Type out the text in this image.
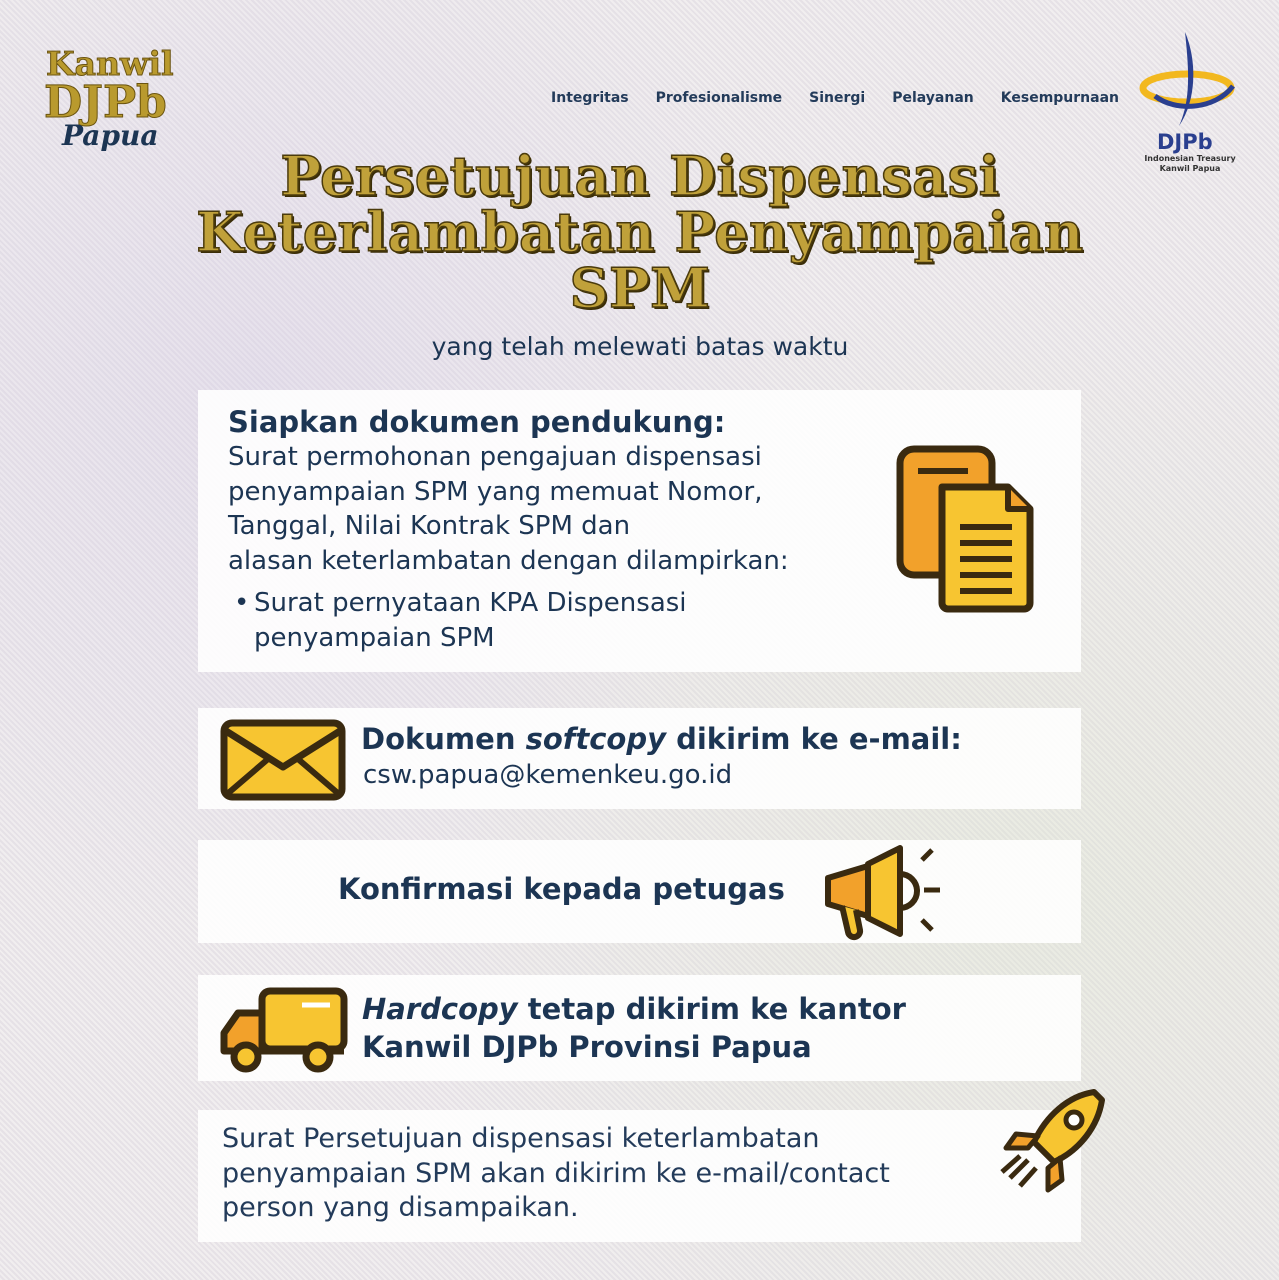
Kanwil
DJPb
Papua
Integritas Profesionalisme Sinergi Pelayanan Kesempurnaan
DJPb
Indonesian Treasury
Kanwil Papua
Persetujuan Dispensasi
Keterlambatan Penyampaian
SPM
yang telah melewati batas waktu
Siapkan dokumen pendukung:
Surat permohonan pengajuan dispensasi
penyampaian SPM yang memuat Nomor,
Tanggal, Nilai Kontrak SPM dan
alasan keterlambatan dengan dilampirkan:
• Surat pernyataan KPA Dispensasi
penyampaian SPM
Dokumen softcopy dikirim ke e-mail:
csw.papua@kemenkeu.go.id
Konfirmasi kepada petugas
Hardcopy tetap dikirim ke kantor
Kanwil DJPb Provinsi Papua
Surat Persetujuan dispensasi keterlambatan
penyampaian SPM akan dikirim ke e-mail/contact
person yang disampaikan.
